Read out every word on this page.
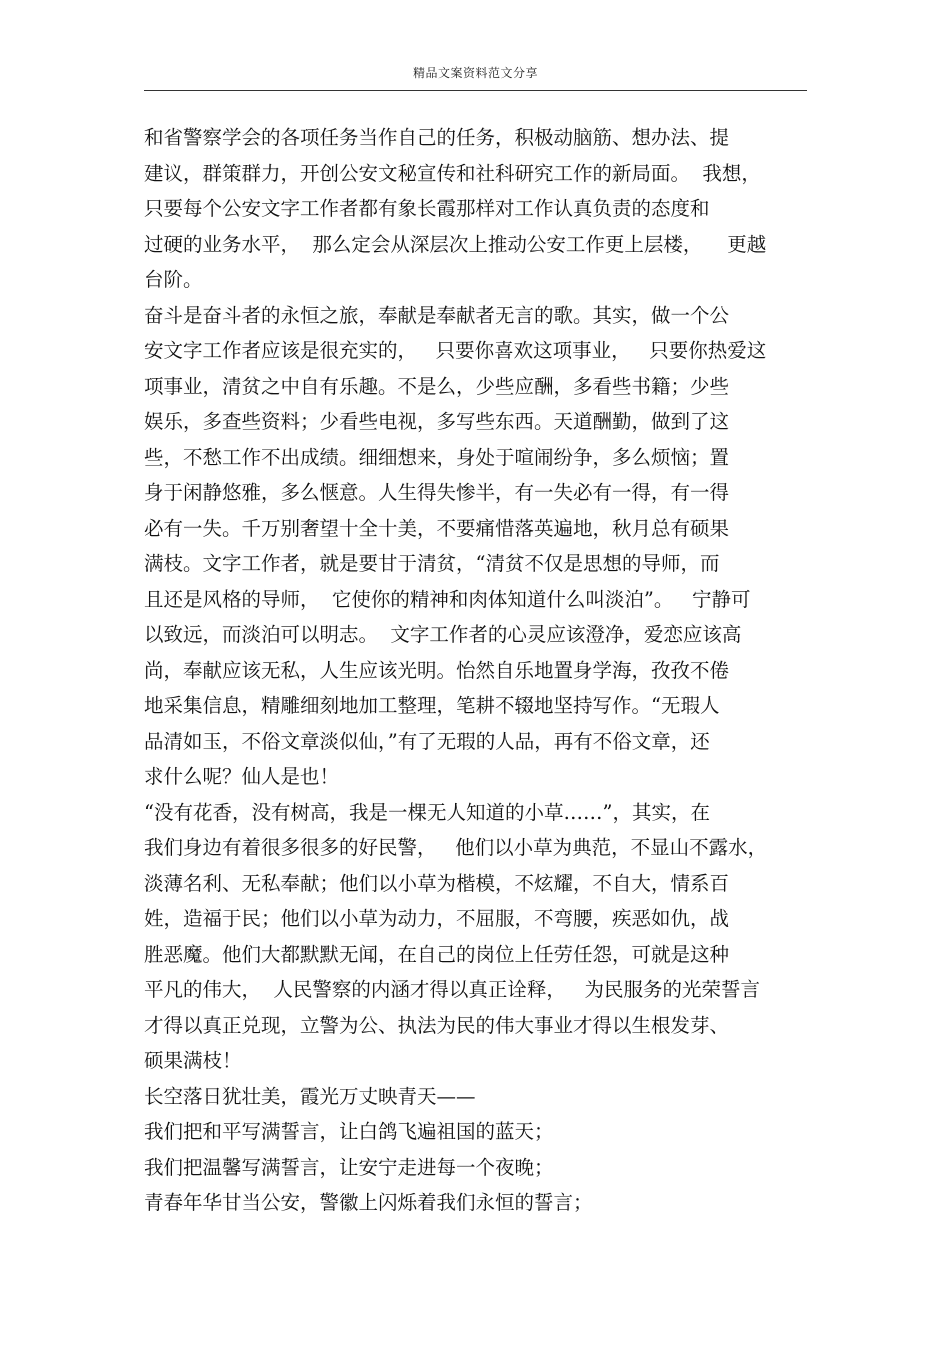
精品文案资料范文分享
和省警察学会的各项任务当作自己的任务，积极动脑筋、想办法、提
建议，群策群力，开创公安文秘宣传和社科研究工作的新局面。  我想，
只要每个公安文字工作者都有象长霞那样对工作认真负责的态度和
过硬的业务水平，  那么定会从深层次上推动公安工作更上层楼，    更越
台阶。
奋斗是奋斗者的永恒之旅，奉献是奉献者无言的歌。其实，做一个公
安文字工作者应该是很充实的，   只要你喜欢这项事业，   只要你热爱这
项事业，清贫之中自有乐趣。不是么，少些应酬，多看些书籍；少些
娱乐，多查些资料；少看些电视，多写些东西。天道酬勤，做到了这
些，不愁工作不出成绩。细细想来，身处于喧闹纷争，多么烦恼；置
身于闲静悠雅，多么惬意。人生得失惨半，有一失必有一得，有一得
必有一失。千万别奢望十全十美，不要痛惜落英遍地，秋月总有硕果
满枝。文字工作者，就是要甘于清贫，“清贫不仅是思想的导师，而
且还是风格的导师，  它使你的精神和肉体知道什么叫淡泊”。   宁静可
以致远，而淡泊可以明志。  文字工作者的心灵应该澄净，爱恋应该高
尚，奉献应该无私，人生应该光明。怡然自乐地置身学海，孜孜不倦
地采集信息，精雕细刻地加工整理，笔耕不辍地坚持写作。“无瑕人
品清如玉，不俗文章淡似仙，”有了无瑕的人品，再有不俗文章，还
求什么呢？仙人是也！
“没有花香，没有树高，我是一棵无人知道的小草……”，其实，在
我们身边有着很多很多的好民警，   他们以小草为典范，不显山不露水，
淡薄名利、无私奉献；他们以小草为楷模，不炫耀，不自大，情系百
姓，造福于民；他们以小草为动力，不屈服，不弯腰，疾恶如仇，战
胜恶魔。他们大都默默无闻，在自己的岗位上任劳任怨，可就是这种
平凡的伟大，  人民警察的内涵才得以真正诠释，   为民服务的光荣誓言
才得以真正兑现，立警为公、执法为民的伟大事业才得以生根发芽、
硕果满枝！
长空落日犹壮美，霞光万丈映青天——
我们把和平写满誓言，让白鸽飞遍祖国的蓝天；
我们把温馨写满誓言，让安宁走进每一个夜晚；
青春年华甘当公安，警徽上闪烁着我们永恒的誓言；
